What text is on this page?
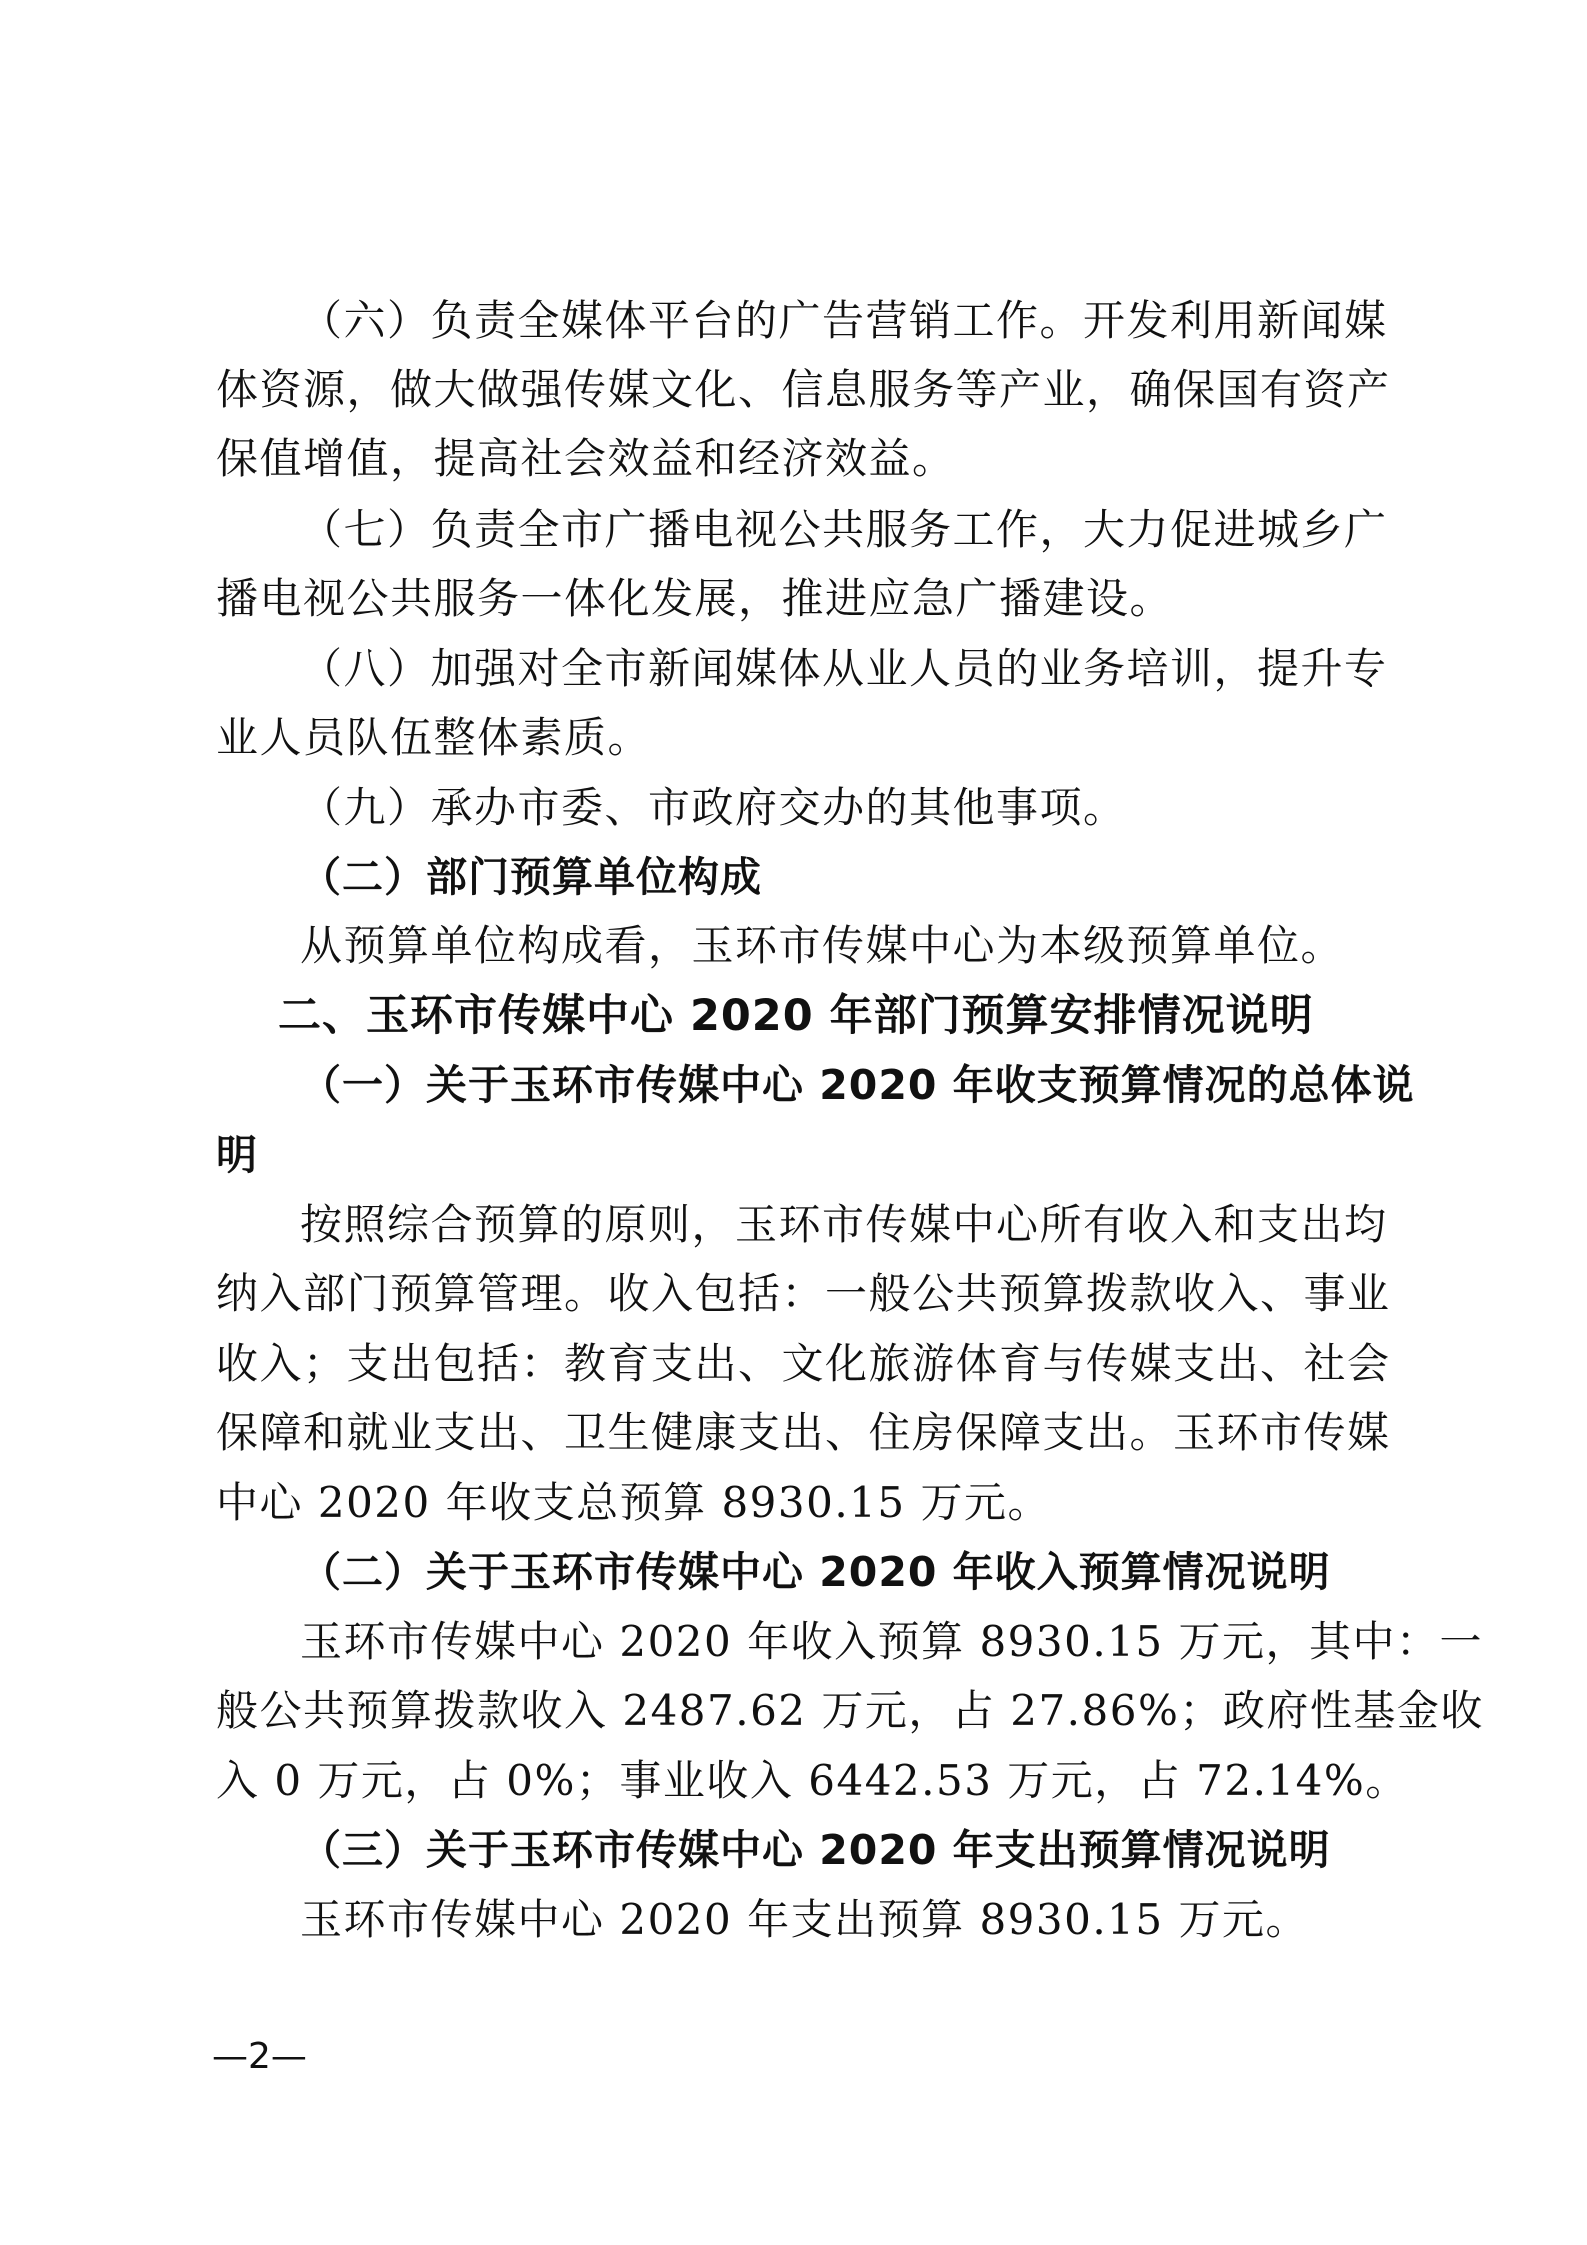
（六）负责全媒体平台的广告营销工作。开发利用新闻媒
体资源，做大做强传媒文化、信息服务等产业，确保国有资产
保值增值，提高社会效益和经济效益。
（七）负责全市广播电视公共服务工作，大力促进城乡广
播电视公共服务一体化发展，推进应急广播建设。
（八）加强对全市新闻媒体从业人员的业务培训，提升专
业人员队伍整体素质。
（九）承办市委、市政府交办的其他事项。
（二）部门预算单位构成
从预算单位构成看，玉环市传媒中心为本级预算单位。
二、玉环市传媒中心 2020 年部门预算安排情况说明
（一）关于玉环市传媒中心 2020 年收支预算情况的总体说
明
按照综合预算的原则，玉环市传媒中心所有收入和支出均
纳入部门预算管理。收入包括：一般公共预算拨款收入、事业
收入；支出包括：教育支出、文化旅游体育与传媒支出、社会
保障和就业支出、卫生健康支出、住房保障支出。玉环市传媒
中心 2020 年收支总预算 8930.15 万元。
（二）关于玉环市传媒中心 2020 年收入预算情况说明
玉环市传媒中心 2020 年收入预算 8930.15 万元，其中：一
般公共预算拨款收入 2487.62 万元，占 27.86%；政府性基金收
入 0 万元，占 0%；事业收入 6442.53 万元，占 72.14%。
（三）关于玉环市传媒中心 2020 年支出预算情况说明
玉环市传媒中心 2020 年支出预算 8930.15 万元。
—2—
